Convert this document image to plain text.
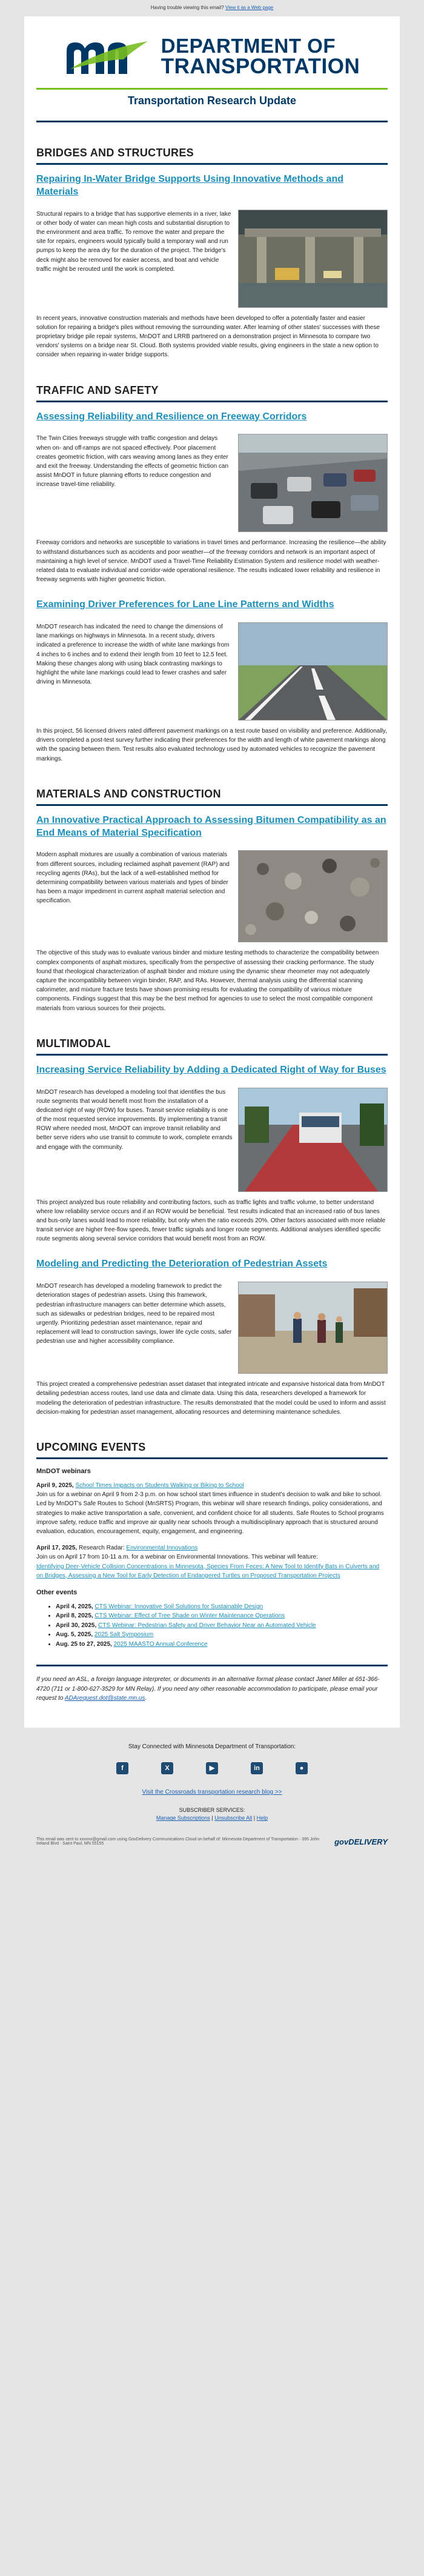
Having trouble viewing this email? View it as a Web page
DEPARTMENT OF
TRANSPORTATION
Transportation Research Update
BRIDGES AND STRUCTURES
Repairing In-Water Bridge Supports Using Innovative Methods and Materials
Structural repairs to a bridge that has supportive elements in a river, lake or other body of water can mean high costs and substantial disruption to the environment and area traffic. To remove the water and prepare the site for repairs, engineers would typically build a temporary wall and run pumps to keep the area dry for the duration of the project. The bridge's deck might also be removed for easier access, and boat and vehicle traffic might be rerouted until the work is completed.

In recent years, innovative construction materials and methods have been developed to offer a potentially faster and easier solution for repairing a bridge's piles without removing the surrounding water. After learning of other states' successes with these proprietary bridge pile repair systems, MnDOT and LRRB partnered on a demonstration project in Minnesota to compare two vendors' systems on a bridge near St. Cloud. Both systems provided viable results, giving engineers in the state a new option to consider when repairing in-water bridge supports.

TRAFFIC AND SAFETY
Assessing Reliability and Resilience on Freeway Corridors
The Twin Cities freeways struggle with traffic congestion and delays when on- and off-ramps are not spaced effectively. Poor placement creates geometric friction, with cars weaving among lanes as they enter and exit the freeway. Understanding the effects of geometric friction can assist MnDOT in future planning efforts to reduce congestion and increase travel-time reliability.

Freeway corridors and networks are susceptible to variations in travel times and performance. Increasing the resilience—the ability to withstand disturbances such as accidents and poor weather—of the freeway corridors and network is an important aspect of maintaining a high level of service. MnDOT used a Travel-Time Reliability Estimation System and resilience model with weather-related data to evaluate individual and corridor-wide operational resilience. The results indicated lower reliability and resilience in freeway segments with higher geometric friction.

Examining Driver Preferences for Lane Line Patterns and Widths
MnDOT research has indicated the need to change the dimensions of lane markings on highways in Minnesota. In a recent study, drivers indicated a preference to increase the width of white lane markings from 4 inches to 6 inches and to extend their length from 10 feet to 12.5 feet. Making these changes along with using black contrasting markings to highlight the white lane markings could lead to fewer crashes and safer driving in Minnesota.

In this project, 56 licensed drivers rated different pavement markings on a test route based on visibility and preference. Additionally, drivers completed a post-test survey further indicating their preferences for the width and length of white pavement markings along with the spacing between them. Test results also evaluated technology used by automated vehicles to recognize the pavement markings.

MATERIALS AND CONSTRUCTION
An Innovative Practical Approach to Assessing Bitumen Compatibility as an End Means of Material Specification
Modern asphalt mixtures are usually a combination of various materials from different sources, including reclaimed asphalt pavement (RAP) and recycling agents (RAs), but the lack of a well-established method for determining compatibility between various materials and types of binder has been a major impediment in current asphalt material selection and specification.

The objective of this study was to evaluate various binder and mixture testing methods to characterize the compatibility between complex components of asphalt mixtures, specifically from the perspective of assessing their cracking performance. The study found that rheological characterization of asphalt binder and mixture using the dynamic shear rheometer may not adequately capture the incompatibility between virgin binder, RAP, and RAs. However, thermal analysis using the differential scanning calorimeter, and mixture fracture tests have shown promising results for evaluating the compatibility of various mixture components. Findings suggest that this may be the best method for agencies to use to select the most compatible component materials from various sources for their projects.

MULTIMODAL
Increasing Service Reliability by Adding a Dedicated Right of Way for Buses
MnDOT research has developed a modeling tool that identifies the bus route segments that would benefit most from the installation of a dedicated right of way (ROW) for buses. Transit service reliability is one of the most requested service improvements. By implementing a transit ROW where needed most, MnDOT can improve transit reliability and better serve riders who use transit to commute to work, complete errands and engage with the community.

This project analyzed bus route reliability and contributing factors, such as traffic lights and traffic volume, to better understand where low reliability service occurs and if an ROW would be beneficial. Test results indicated that an increased ratio of bus lanes and bus-only lanes would lead to more reliability, but only when the ratio exceeds 20%. Other factors associated with more reliable transit service are higher free-flow speeds, fewer traffic signals and longer route segments. Additional analyses identified specific route segments along several service corridors that would benefit most from an ROW.

Modeling and Predicting the Deterioration of Pedestrian Assets
MnDOT research has developed a modeling framework to predict the deterioration stages of pedestrian assets. Using this framework, pedestrian infrastructure managers can better determine which assets, such as sidewalks or pedestrian bridges, need to be repaired most urgently. Prioritizing pedestrian asset maintenance, repair and replacement will lead to construction savings, lower life cycle costs, safer pedestrian use and higher accessibility compliance.

This project created a comprehensive pedestrian asset dataset that integrated intricate and expansive historical data from MnDOT detailing pedestrian access routes, land use data and climate data. Using this data, researchers developed a framework for modeling the deterioration of pedestrian infrastructure. The results demonstrated that the model could be used to inform and assist decision-making for pedestrian asset management, allocating resources and determining maintenance schedules.

UPCOMING EVENTS
MnDOT webinars
April 9, 2025, School Times Impacts on Students Walking or Biking to School
Join us for a webinar on April 9 from 2-3 p.m. on how school start times influence in student's decision to walk and bike to school. Led by MnDOT's Safe Routes to School (MnSRTS) Program, this webinar will share research findings, policy considerations, and strategies to make active transportation a safe, convenient, and confident choice for all students. Safe Routes to School programs improve safety, reduce traffic and improve air quality near schools through a multidisciplinary approach that is structured around evaluation, education, encouragement, equity, engagement, and engineering.
April 17, 2025, Research Radar: Environmental Innovations
Join us on April 17 from 10-11 a.m. for a webinar on Environmental Innovations. This webinar will feature:
Identifying Deer-Vehicle Collision Concentrations in Minnesota, Species From Feces: A New Tool to Identify Bats in Culverts and on Bridges, Assessing a New Tool for Early Detection of Endangered Turtles on Proposed Transportation Projects
Other events
• April 4, 2025, CTS Webinar: Innovative Soil Solutions for Sustainable Design
• April 8, 2025, CTS Webinar: Effect of Tree Shade on Winter Maintenance Operations
• April 30, 2025, CTS Webinar: Pedestrian Safety and Driver Behavior Near an Automated Vehicle
• Aug. 5, 2025, 2025 Salt Symposium
• Aug. 25 to 27, 2025, 2025 MAASTO Annual Conference

If you need an ASL, a foreign language interpreter, or documents in an alternative format please contact Janet Miller at 651-366-4720 (711 or 1-800-627-3529 for MN Relay). If you need any other reasonable accommodation to participate, please email your request to ADArequest.dot@state.mn.us.

Stay Connected with Minnesota Department of Transportation:
f	X	▶	in	●
Visit the Crossroads transportation research blog >>
SUBSCRIBER SERVICES:
Manage Subscriptions | Unsubscribe All | Help
This email was sent to xxxxxx@gmail.com using GovDelivery Communications Cloud on behalf of: Minnesota Department of Transportation · 395 John Ireland Blvd · Saint Paul, MN 55155	govDELIVERY
